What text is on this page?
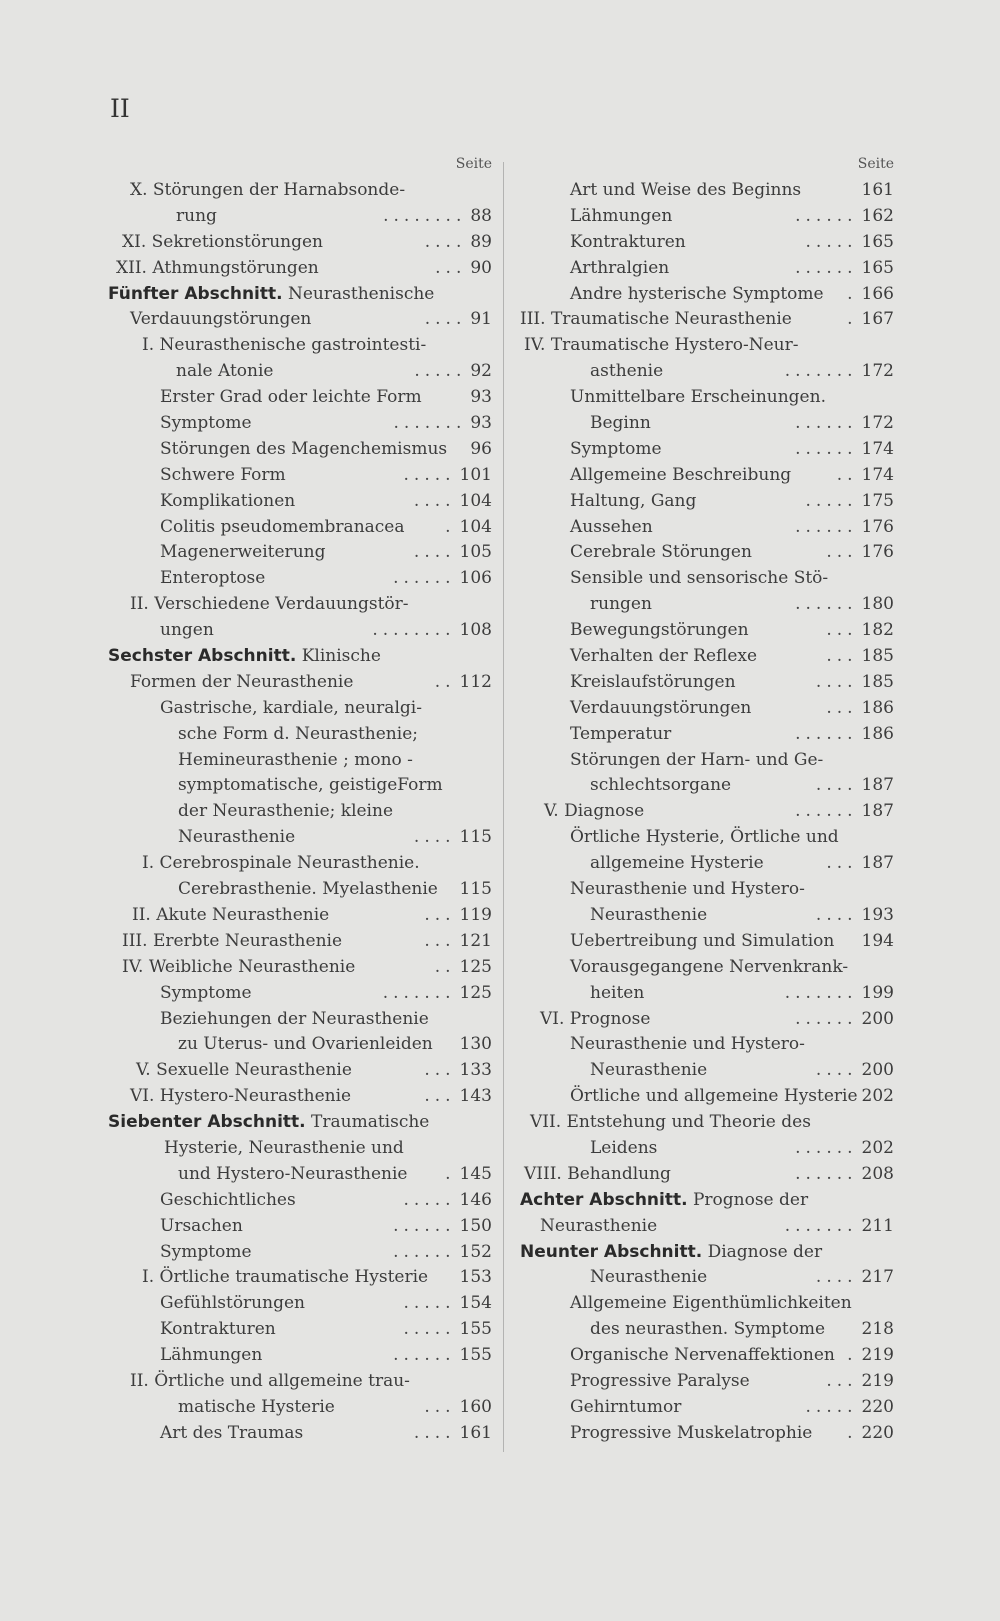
II
Seite
X. Störungen der Harnabsonde-
rung	88
........
XI. Sekretionstörungen	89
....
XII. Athmungstörungen	90
...
Fünfter Abschnitt. Neurasthenische
Verdauungstörungen	91
....
I. Neurasthenische gastrointesti-
nale Atonie	92
.....
Erster Grad oder leichte Form	93
Symptome	93
.......
Störungen des Magenchemismus 96
Schwere Form	101
.....
Komplikationen	104
....
Colitis pseudomembranacea	104
.
Magenerweiterung	105
....
Enteroptose	106
......
II. Verschiedene Verdauungstör-
ungen	108
........
Sechster Abschnitt. Klinische
Formen der Neurasthenie	112
..
Gastrische, kardiale, neuralgi-
sche Form d. Neurasthenie;
Hemineurasthenie ; mono -
symptomatische, geistigeForm
der Neurasthenie; kleine
Neurasthenie	115
....
I. Cerebrospinale Neurasthenie.
Cerebrasthenie. Myelasthenie 115
II. Akute Neurasthenie	119
...
III. Ererbte Neurasthenie	121
...
IV. Weibliche Neurasthenie	125
..
Symptome	125
.......
Beziehungen der Neurasthenie
zu Uterus- und Ovarienleiden 130
V. Sexuelle Neurasthenie	133
...
VI. Hystero-Neurasthenie	143
...
Siebenter Abschnitt. Traumatische
Hysterie, Neurasthenie und
und Hystero-Neurasthenie	145
.
Geschichtliches	146
.....
Ursachen	150
......
Symptome	152
......
I. Örtliche traumatische Hysterie 153
Gefühlstörungen	154
.....
Kontrakturen	155
.....
Lähmungen	155
......
II. Örtliche und allgemeine trau-
matische Hysterie	160
...
Art des Traumas	161
....
Seite
Art und Weise des Beginns	161
Lähmungen	162
......
Kontrakturen	165
.....
Arthralgien	165
......
Andre hysterische Symptome 166
.
III. Traumatische Neurasthenie	167
.
IV. Traumatische Hystero-Neur-
asthenie	172
.......
Unmittelbare Erscheinungen.
Beginn	172
......
Symptome	174
......
Allgemeine Beschreibung	174
..
Haltung, Gang	175
.....
Aussehen	176
......
Cerebrale Störungen	176
...
Sensible und sensorische Stö-
rungen	180
......
Bewegungstörungen	182
...
Verhalten der Reflexe	185
...
Kreislaufstörungen	185
....
Verdauungstörungen	186
...
Temperatur	186
......
Störungen der Harn- und Ge-
schlechtsorgane	187
....
V. Diagnose	187
......
Örtliche Hysterie, Örtliche und
allgemeine Hysterie	187
...
Neurasthenie und Hystero-
Neurasthenie	193
....
Uebertreibung und Simulation 194
Vorausgegangene Nervenkrank-
heiten	199
.......
VI. Prognose	200
......
Neurasthenie und Hystero-
Neurasthenie	200
....
Örtliche und allgemeine Hysterie 202
VII. Entstehung und Theorie des
Leidens	202
......
VIII. Behandlung	208
......
Achter Abschnitt. Prognose der
Neurasthenie	211
.......
Neunter Abschnitt. Diagnose der
Neurasthenie	217
....
Allgemeine Eigenthümlichkeiten
des neurasthen. Symptome 218
Organische Nervenaffektionen 219
.
Progressive Paralyse	219
...
Gehirntumor	220
.....
Progressive Muskelatrophie	220
.
